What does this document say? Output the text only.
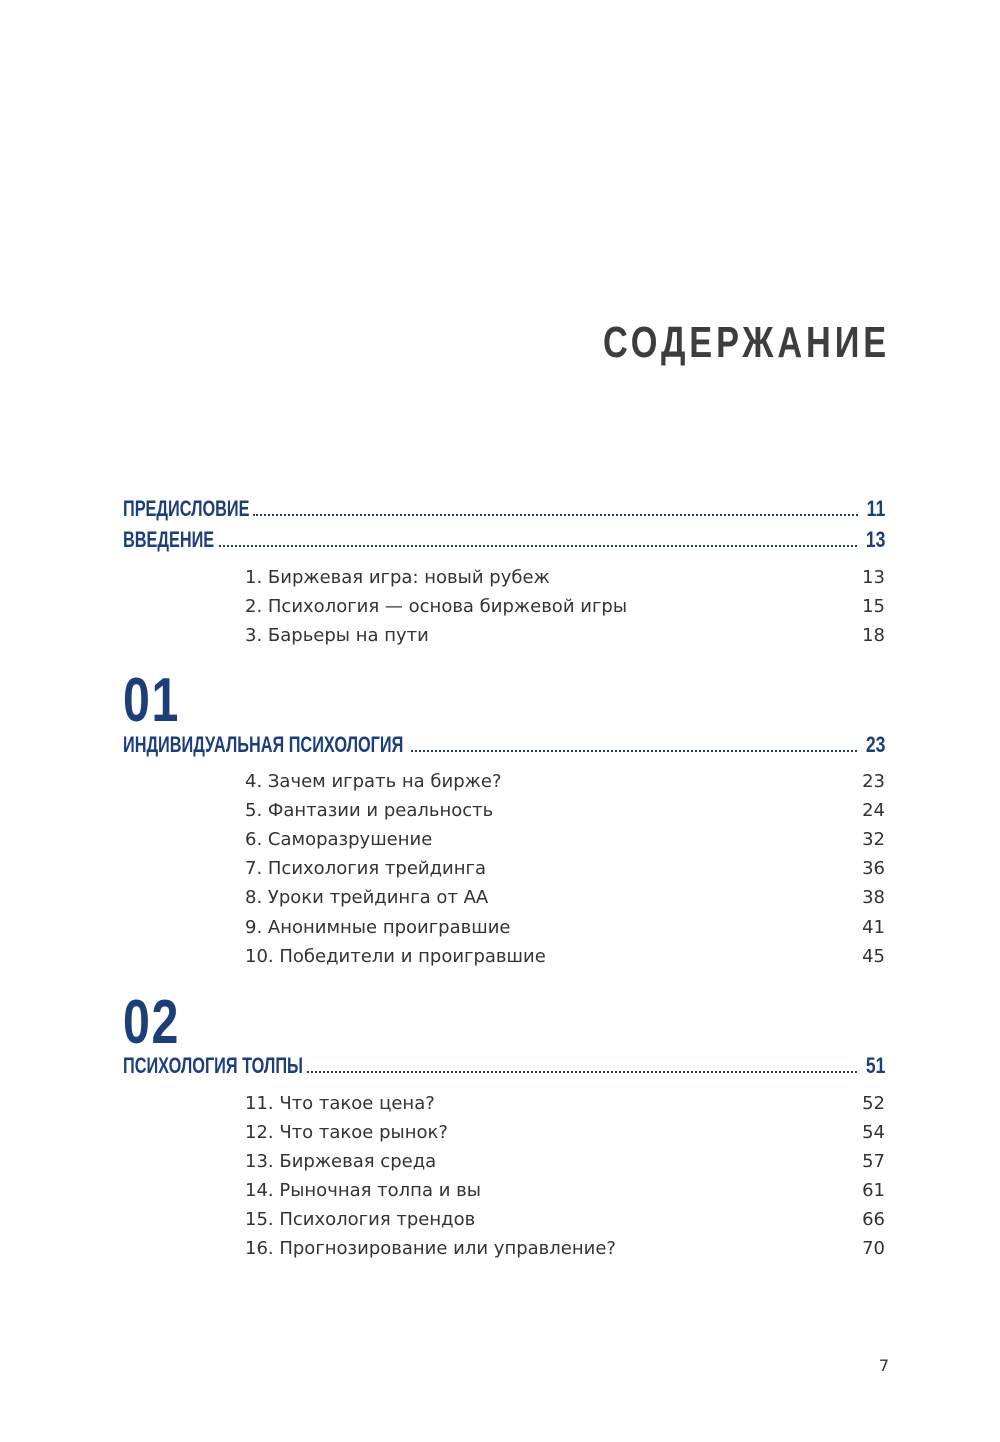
СОДЕРЖАНИЕ
ПРЕДИСЛОВИЕ	11
ВВЕДЕНИЕ	13
1. Биржевая игра: новый рубеж	13
2. Психология — основа биржевой игры	15
3. Барьеры на пути	18
01
ИНДИВИДУАЛЬНАЯ ПСИХОЛОГИЯ	23
4. Зачем играть на бирже?	23
5. Фантазии и реальность	24
6. Саморазрушение	32
7. Психология трейдинга	36
8. Уроки трейдинга от АА	38
9. Анонимные проигравшие	41
10. Победители и проигравшие	45
02
ПСИХОЛОГИЯ ТОЛПЫ	51
11. Что такое цена?	52
12. Что такое рынок?	54
13. Биржевая среда	57
14. Рыночная толпа и вы	61
15. Психология трендов	66
16. Прогнозирование или управление?	70
7
